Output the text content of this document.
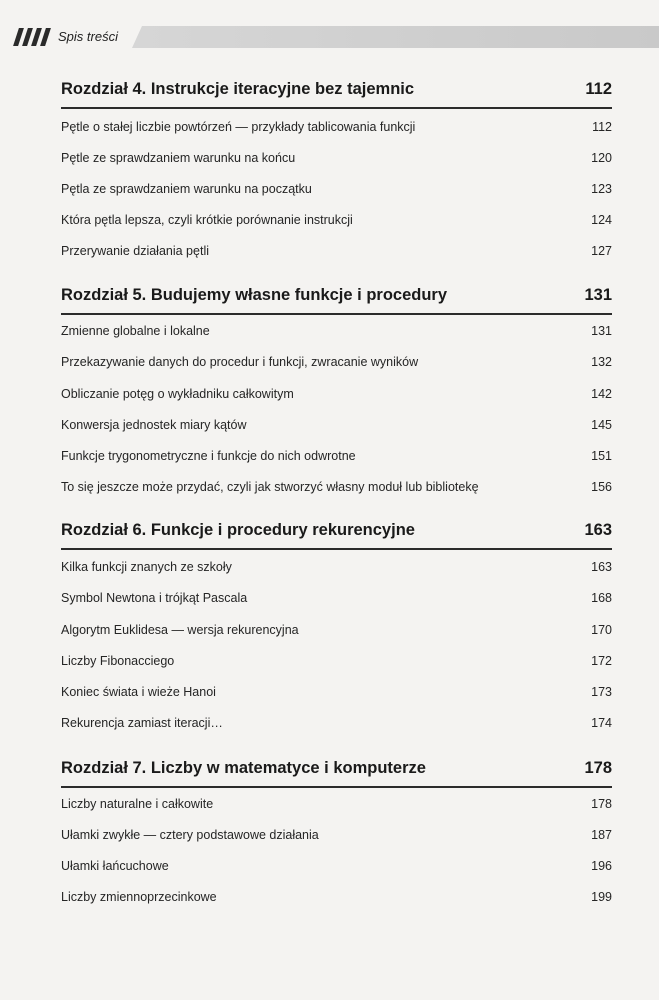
Spis treści
Rozdział 4. Instrukcje iteracyjne bez tajemnic	112
Pętle o stałej liczbie powtórzeń — przykłady tablicowania funkcji	112
Pętle ze sprawdzaniem warunku na końcu	120
Pętla ze sprawdzaniem warunku na początku	123
Która pętla lepsza, czyli krótkie porównanie instrukcji	124
Przerywanie działania pętli	127
Rozdział 5. Budujemy własne funkcje i procedury	131
Zmienne globalne i lokalne	131
Przekazywanie danych do procedur i funkcji, zwracanie wyników	132
Obliczanie potęg o wykładniku całkowitym	142
Konwersja jednostek miary kątów	145
Funkcje trygonometryczne i funkcje do nich odwrotne	151
To się jeszcze może przydać, czyli jak stworzyć własny moduł lub bibliotekę	156
Rozdział 6. Funkcje i procedury rekurencyjne	163
Kilka funkcji znanych ze szkoły	163
Symbol Newtona i trójkąt Pascala	168
Algorytm Euklidesa — wersja rekurencyjna	170
Liczby Fibonacciego	172
Koniec świata i wieże Hanoi	173
Rekurencja zamiast iteracji…	174
Rozdział 7. Liczby w matematyce i komputerze	178
Liczby naturalne i całkowite	178
Ułamki zwykłe — cztery podstawowe działania	187
Ułamki łańcuchowe	196
Liczby zmiennoprzecinkowe	199
